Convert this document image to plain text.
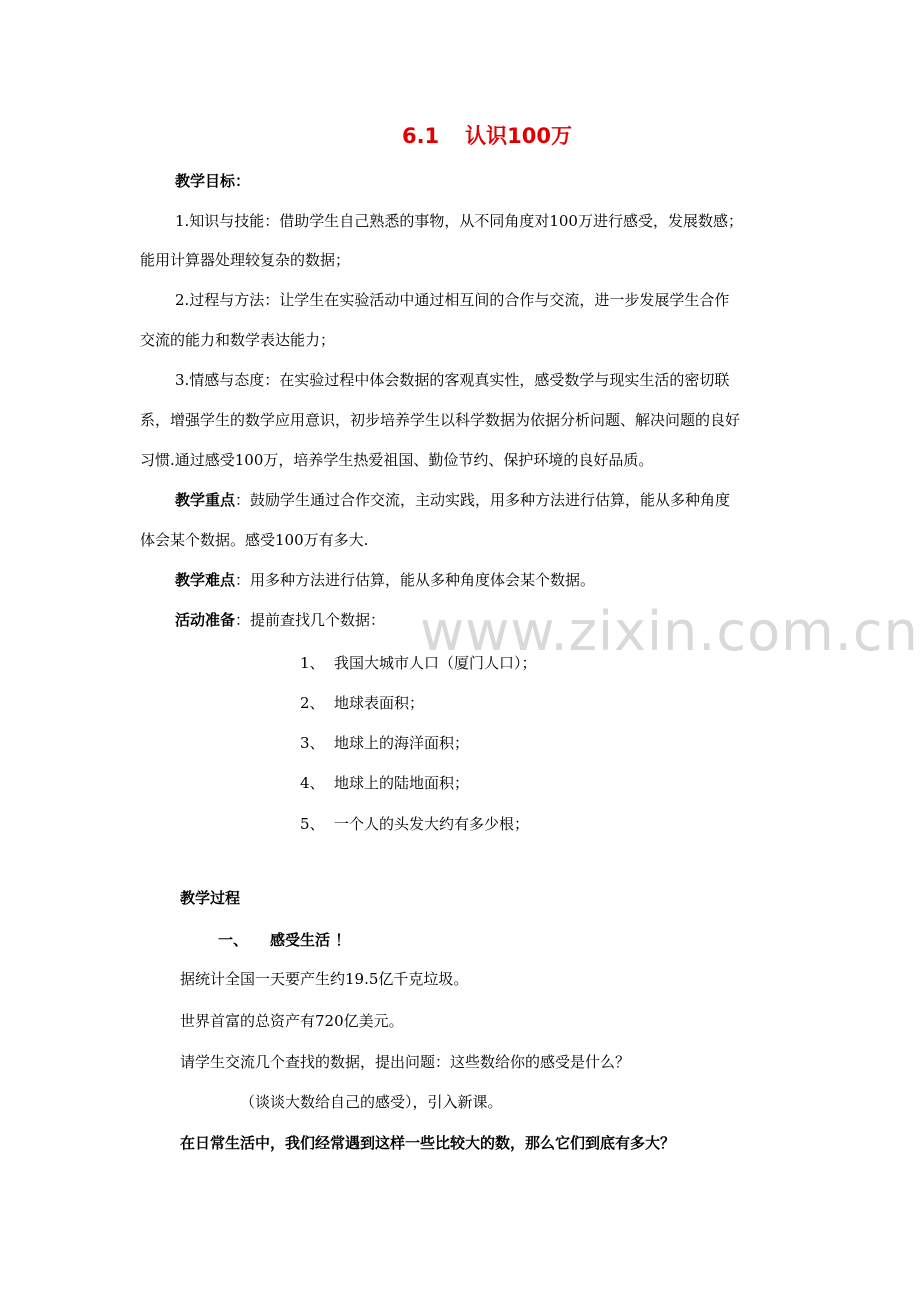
www.zixin.com.cn
6.1 认识100万
教学目标：
1.知识与技能：借助学生自己熟悉的事物，从不同角度对100万进行感受，发展数感；
能用计算器处理较复杂的数据；
2.过程与方法：让学生在实验活动中通过相互间的合作与交流，进一步发展学生合作
交流的能力和数学表达能力；
3.情感与态度：在实验过程中体会数据的客观真实性，感受数学与现实生活的密切联
系，增强学生的数学应用意识，初步培养学生以科学数据为依据分析问题、解决问题的良好
习惯.通过感受100万，培养学生热爱祖国、勤俭节约、保护环境的良好品质。
教学重点：鼓励学生通过合作交流，主动实践，用多种方法进行估算，能从多种角度
体会某个数据。感受100万有多大.
教学难点：用多种方法进行估算，能从多种角度体会某个数据。
活动准备：提前查找几个数据：
1、 我国大城市人口（厦门人口）；
2、 地球表面积；
3、 地球上的海洋面积；
4、 地球上的陆地面积；
5、 一个人的头发大约有多少根；
教学过程
一、 感受生活 ！
据统计全国一天要产生约19.5亿千克垃圾。
世界首富的总资产有720亿美元。
请学生交流几个查找的数据，提出问题：这些数给你的感受是什么？
（谈谈大数给自己的感受），引入新课。
在日常生活中，我们经常遇到这样一些比较大的数，那么它们到底有多大？
